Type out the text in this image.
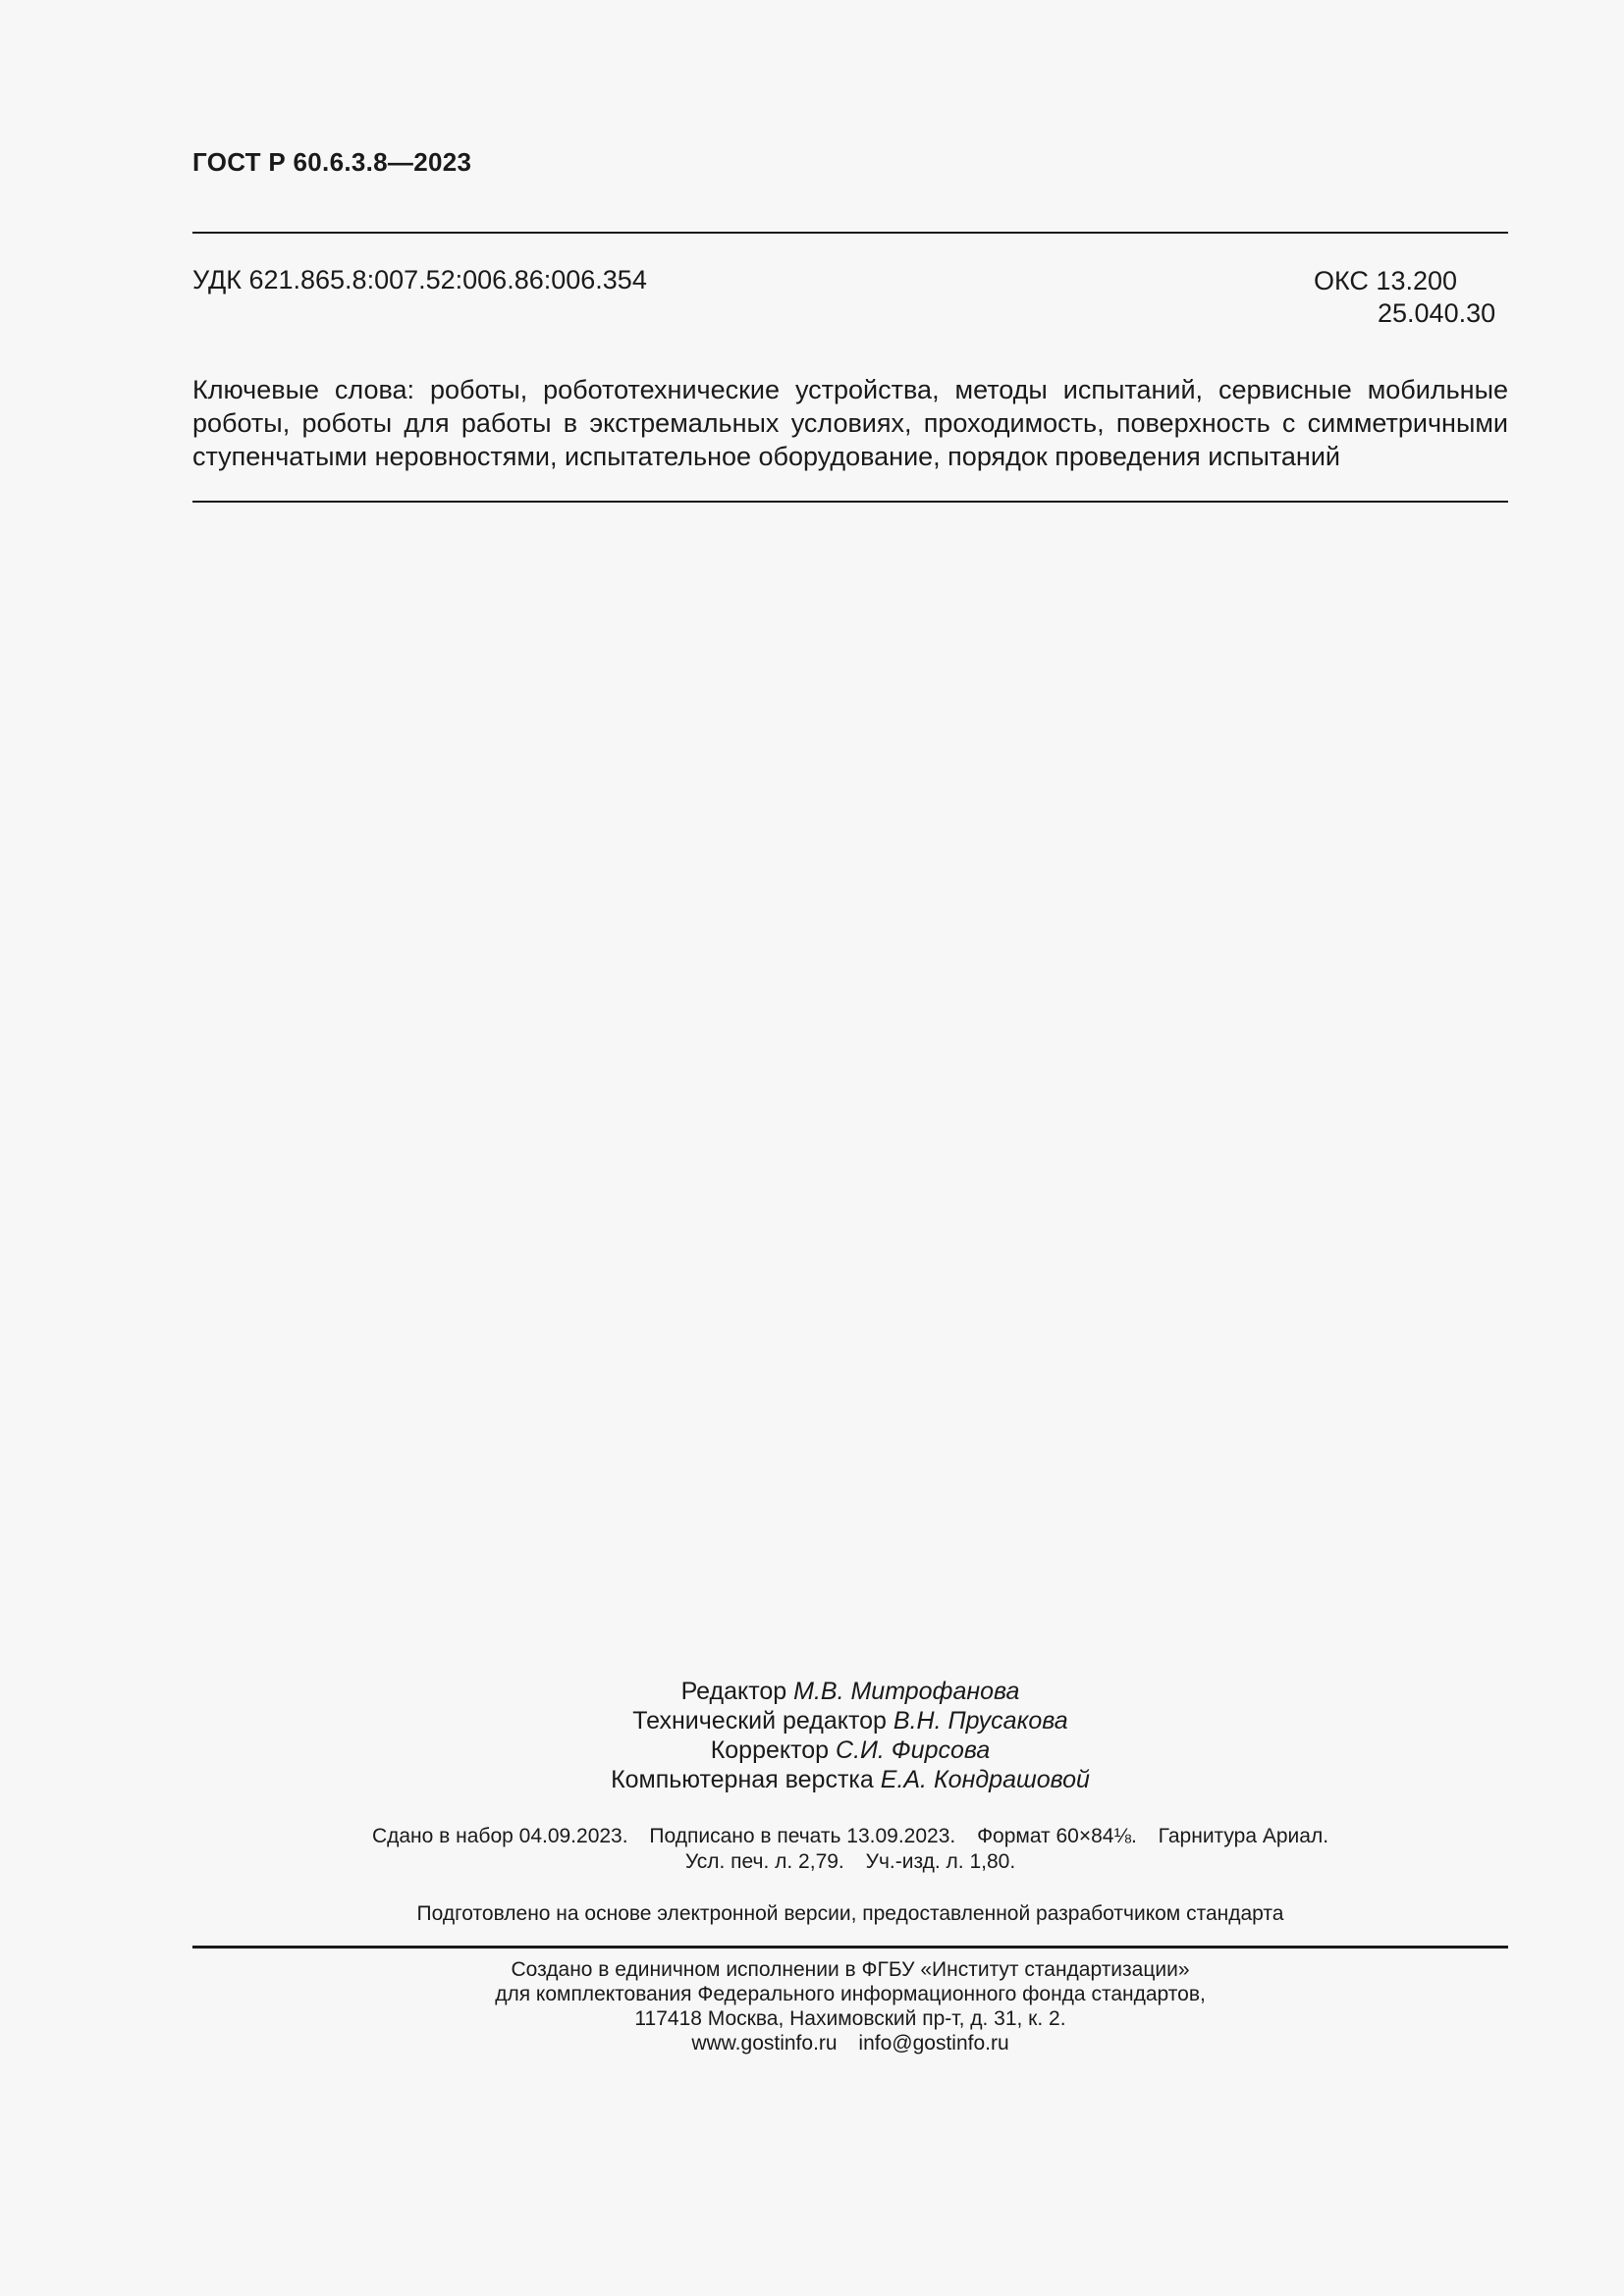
ГОСТ Р 60.6.3.8—2023
УДК 621.865.8:007.52:006.86:006.354	ОКС 13.200
25.040.30
Ключевые слова: роботы, робототехнические устройства, методы испытаний, сервисные мобильные роботы, роботы для работы в экстремальных условиях, проходимость, поверхность с симметричными ступенчатыми неровностями, испытательное оборудование, порядок проведения испытаний
Редактор М.В. Митрофанова
Технический редактор В.Н. Прусакова
Корректор С.И. Фирсова
Компьютерная верстка Е.А. Кондрашовой
Сдано в набор 04.09.2023. Подписано в печать 13.09.2023. Формат 60×84⅛. Гарнитура Ариал.
Усл. печ. л. 2,79. Уч.-изд. л. 1,80.
Подготовлено на основе электронной версии, предоставленной разработчиком стандарта
Создано в единичном исполнении в ФГБУ «Институт стандартизации»
для комплектования Федерального информационного фонда стандартов,
117418 Москва, Нахимовский пр-т, д. 31, к. 2.
www.gostinfo.ru info@gostinfo.ru
